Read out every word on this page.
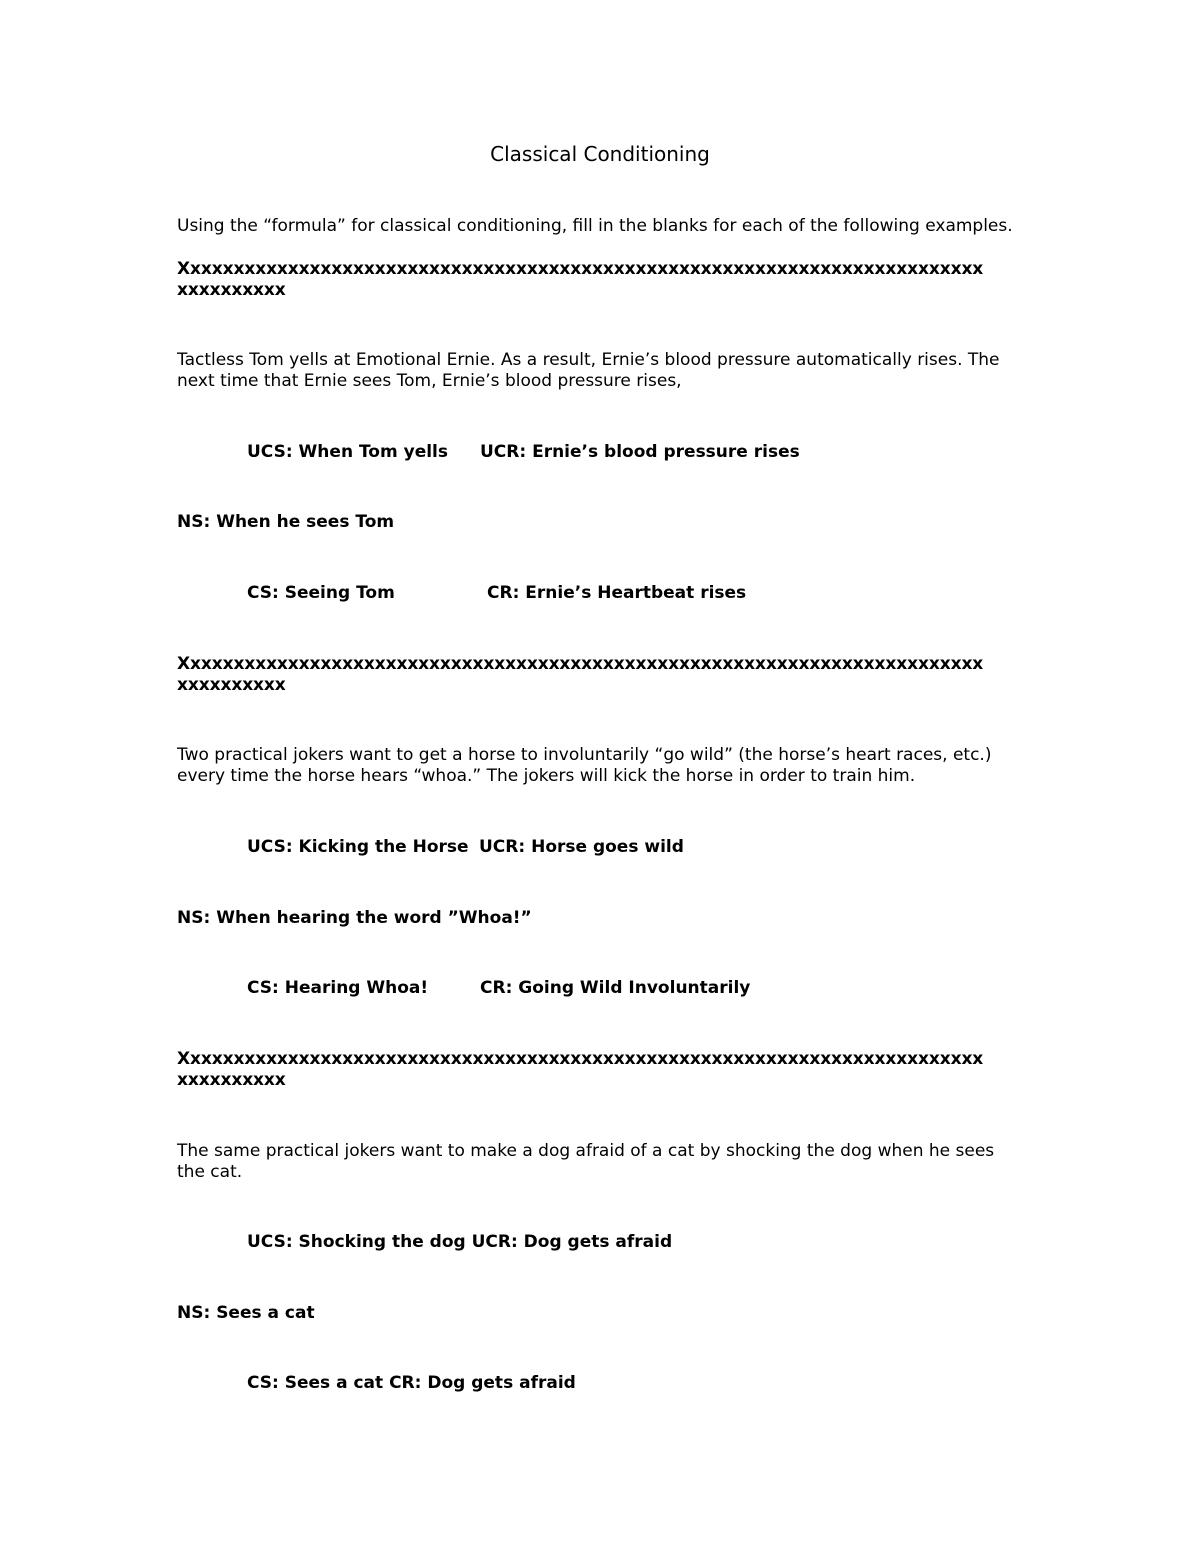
Classical Conditioning
Using the “formula” for classical conditioning, fill in the blanks for each of the following examples.
Xxxxxxxxxxxxxxxxxxxxxxxxxxxxxxxxxxxxxxxxxxxxxxxxxxxxxxxxxxxxxxxxxxxxxxxxxx
xxxxxxxxxx
Tactless Tom yells at Emotional Ernie. As a result, Ernie’s blood pressure automatically rises. The next time that Ernie sees Tom, Ernie’s blood pressure rises,
UCS: When Tom yells UCR: Ernie’s blood pressure rises
NS: When he sees Tom
CS: Seeing Tom	CR: Ernie’s Heartbeat rises
Xxxxxxxxxxxxxxxxxxxxxxxxxxxxxxxxxxxxxxxxxxxxxxxxxxxxxxxxxxxxxxxxxxxxxxxxxx
xxxxxxxxxx
Two practical jokers want to get a horse to involuntarily “go wild” (the horse’s heart races, etc.) every time the horse hears “whoa.” The jokers will kick the horse in order to train him.
UCS: Kicking the Horse UCR: Horse goes wild
NS: When hearing the word ”Whoa!”
CS: Hearing Whoa!	CR: Going Wild Involuntarily
Xxxxxxxxxxxxxxxxxxxxxxxxxxxxxxxxxxxxxxxxxxxxxxxxxxxxxxxxxxxxxxxxxxxxxxxxxx
xxxxxxxxxx
The same practical jokers want to make a dog afraid of a cat by shocking the dog when he sees the cat.
UCS: Shocking the dog UCR: Dog gets afraid
NS: Sees a cat
CS: Sees a cat CR: Dog gets afraid
